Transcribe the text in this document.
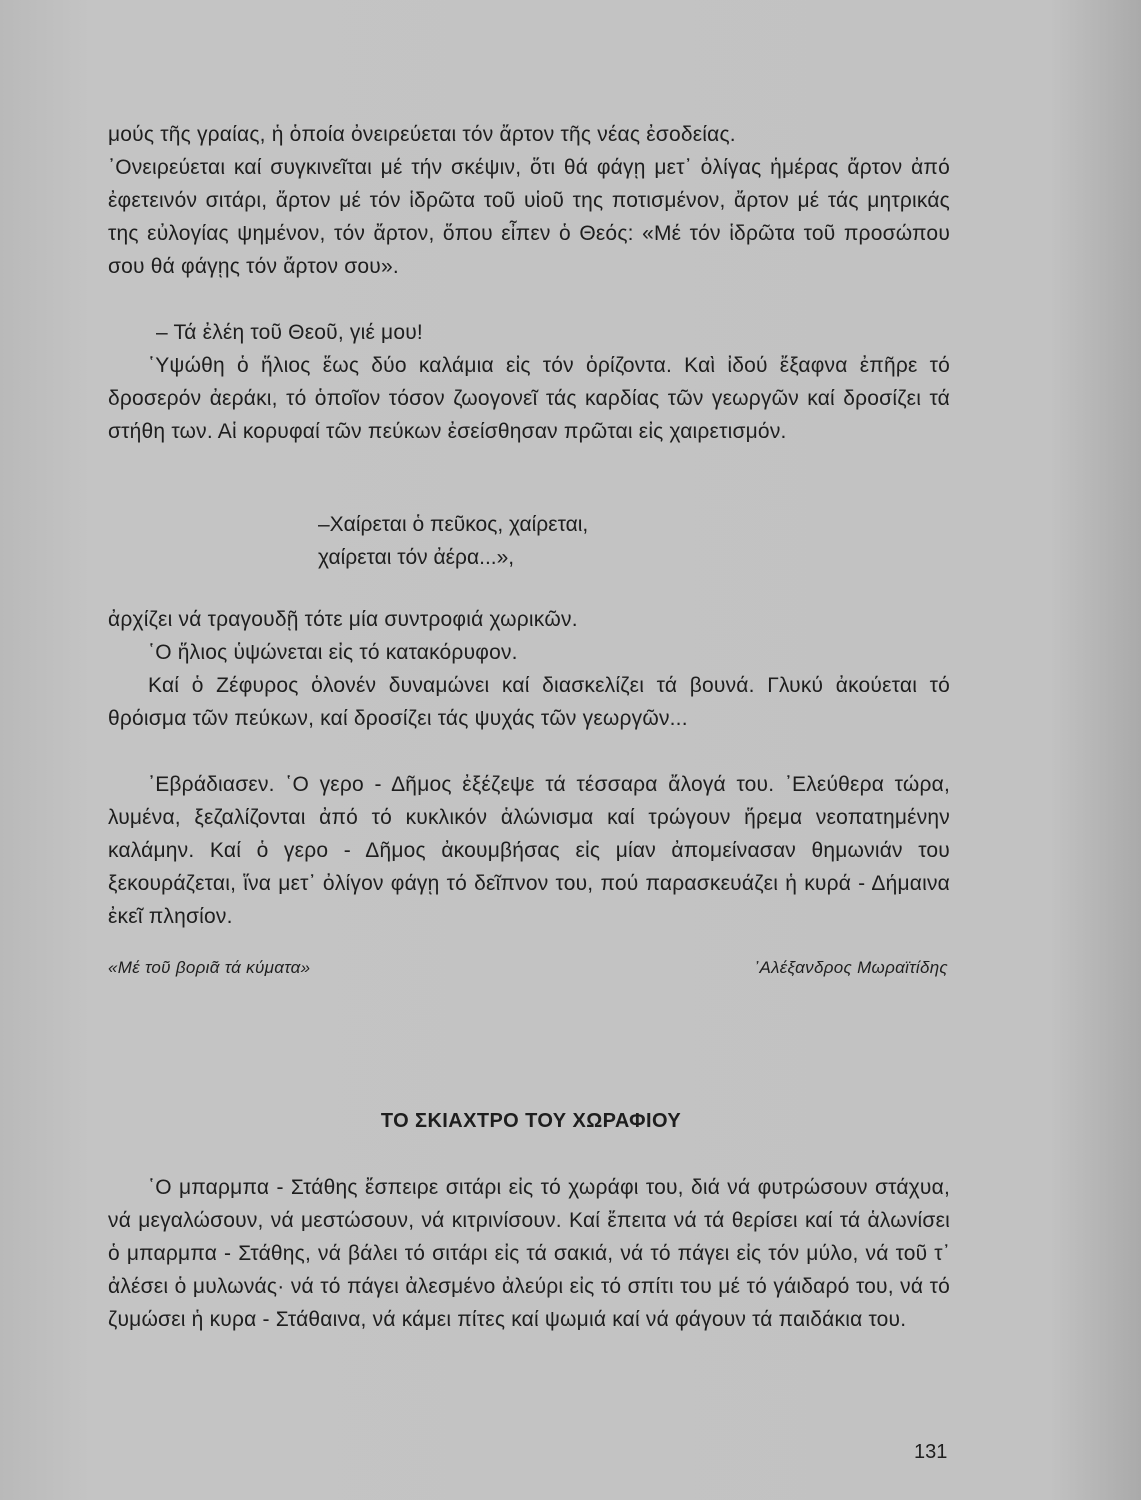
μούς τῆς γραίας, ἡ ὁποία ὀνειρεύεται τόν ἄρτον τῆς νέας ἐσοδείας.

᾿Ονειρεύεται καί συγκινεῖται μέ τήν σκέψιν, ὅτι θά φάγῃ μετ᾿ ὀλίγας ἡμέρας ἄρτον ἀπό ἐφετεινόν σιτάρι, ἄρτον μέ τόν ἱδρῶτα τοῦ υἱοῦ της ποτισμένον, ἄρτον μέ τάς μητρικάς της εὐλογίας ψημένον, τόν ἄρτον, ὅπου εἶπεν ὁ Θεός: «Μέ τόν ἱδρῶτα τοῦ προσώπου σου θά φάγῃς τόν ἄρτον σου».

– Τά ἐλέη τοῦ Θεοῦ, γιέ μου!

῾Υψώθη ὁ ἥλιος ἕως δύο καλάμια εἰς τόν ὁρίζοντα. Καὶ ἰδού ἔξαφνα ἐπῆρε τό δροσερόν ἀεράκι, τό ὁποῖον τόσον ζωογονεῖ τάς καρδίας τῶν γεωργῶν καί δροσίζει τά στήθη των. Αἱ κορυφαί τῶν πεύκων ἐσείσθησαν πρῶται εἰς χαιρετισμόν.

–Χαίρεται ὁ πεῦκος, χαίρεται,

χαίρεται τόν ἀέρα...»,

ἀρχίζει νά τραγουδῇ τότε μία συντροφιά χωρικῶν.

῾Ο ἥλιος ὑψώνεται εἰς τό κατακόρυφον.

Καί ὁ Ζέφυρος ὁλονέν δυναμώνει καί διασκελίζει τά βουνά. Γλυκύ ἀκούεται τό θρόισμα τῶν πεύκων, καί δροσίζει τάς ψυχάς τῶν γεωργῶν...

᾿Εβράδιασεν. ῾Ο γερο - Δῆμος ἐξέζεψε τά τέσσαρα ἄλογά του. ᾿Ελεύθερα τώρα, λυμένα, ξεζαλίζονται ἀπό τό κυκλικόν ἁλώνισμα καί τρώγουν ἥρεμα νεοπατημένην καλάμην. Καί ὁ γερο - Δῆμος ἀκουμβήσας εἰς μίαν ἀπομείνασαν θημωνιάν του ξεκουράζεται, ἵνα μετ᾿ ὀλίγον φάγῃ τό δεῖπνον του, πού παρασκευάζει ἡ κυρά - Δήμαινα ἐκεῖ πλησίον.

«Μέ τοῦ βοριᾶ τά κύματα»	᾿Αλέξανδρος Μωραϊτίδης
ΤΟ ΣΚΙΑΧΤΡΟ ΤΟΥ ΧΩΡΑΦΙΟΥ

῾Ο μπαρμπα - Στάθης ἔσπειρε σιτάρι εἰς τό χωράφι του, διά νά φυτρώσουν στάχυα, νά μεγαλώσουν, νά μεστώσουν, νά κιτρινίσουν. Καί ἔπειτα νά τά θερίσει καί τά ἁλωνίσει ὁ μπαρμπα - Στάθης, νά βάλει τό σιτάρι εἰς τά σακιά, νά τό πάγει εἰς τόν μύλο, νά τοῦ τ᾿ ἀλέσει ὁ μυλωνάς· νά τό πάγει ἀλεσμένο ἀλεύρι εἰς τό σπίτι του μέ τό γάιδαρό του, νά τό ζυμώσει ἡ κυρα - Στάθαινα, νά κάμει πίτες καί ψωμιά καί νά φάγουν τά παιδάκια του.

131
